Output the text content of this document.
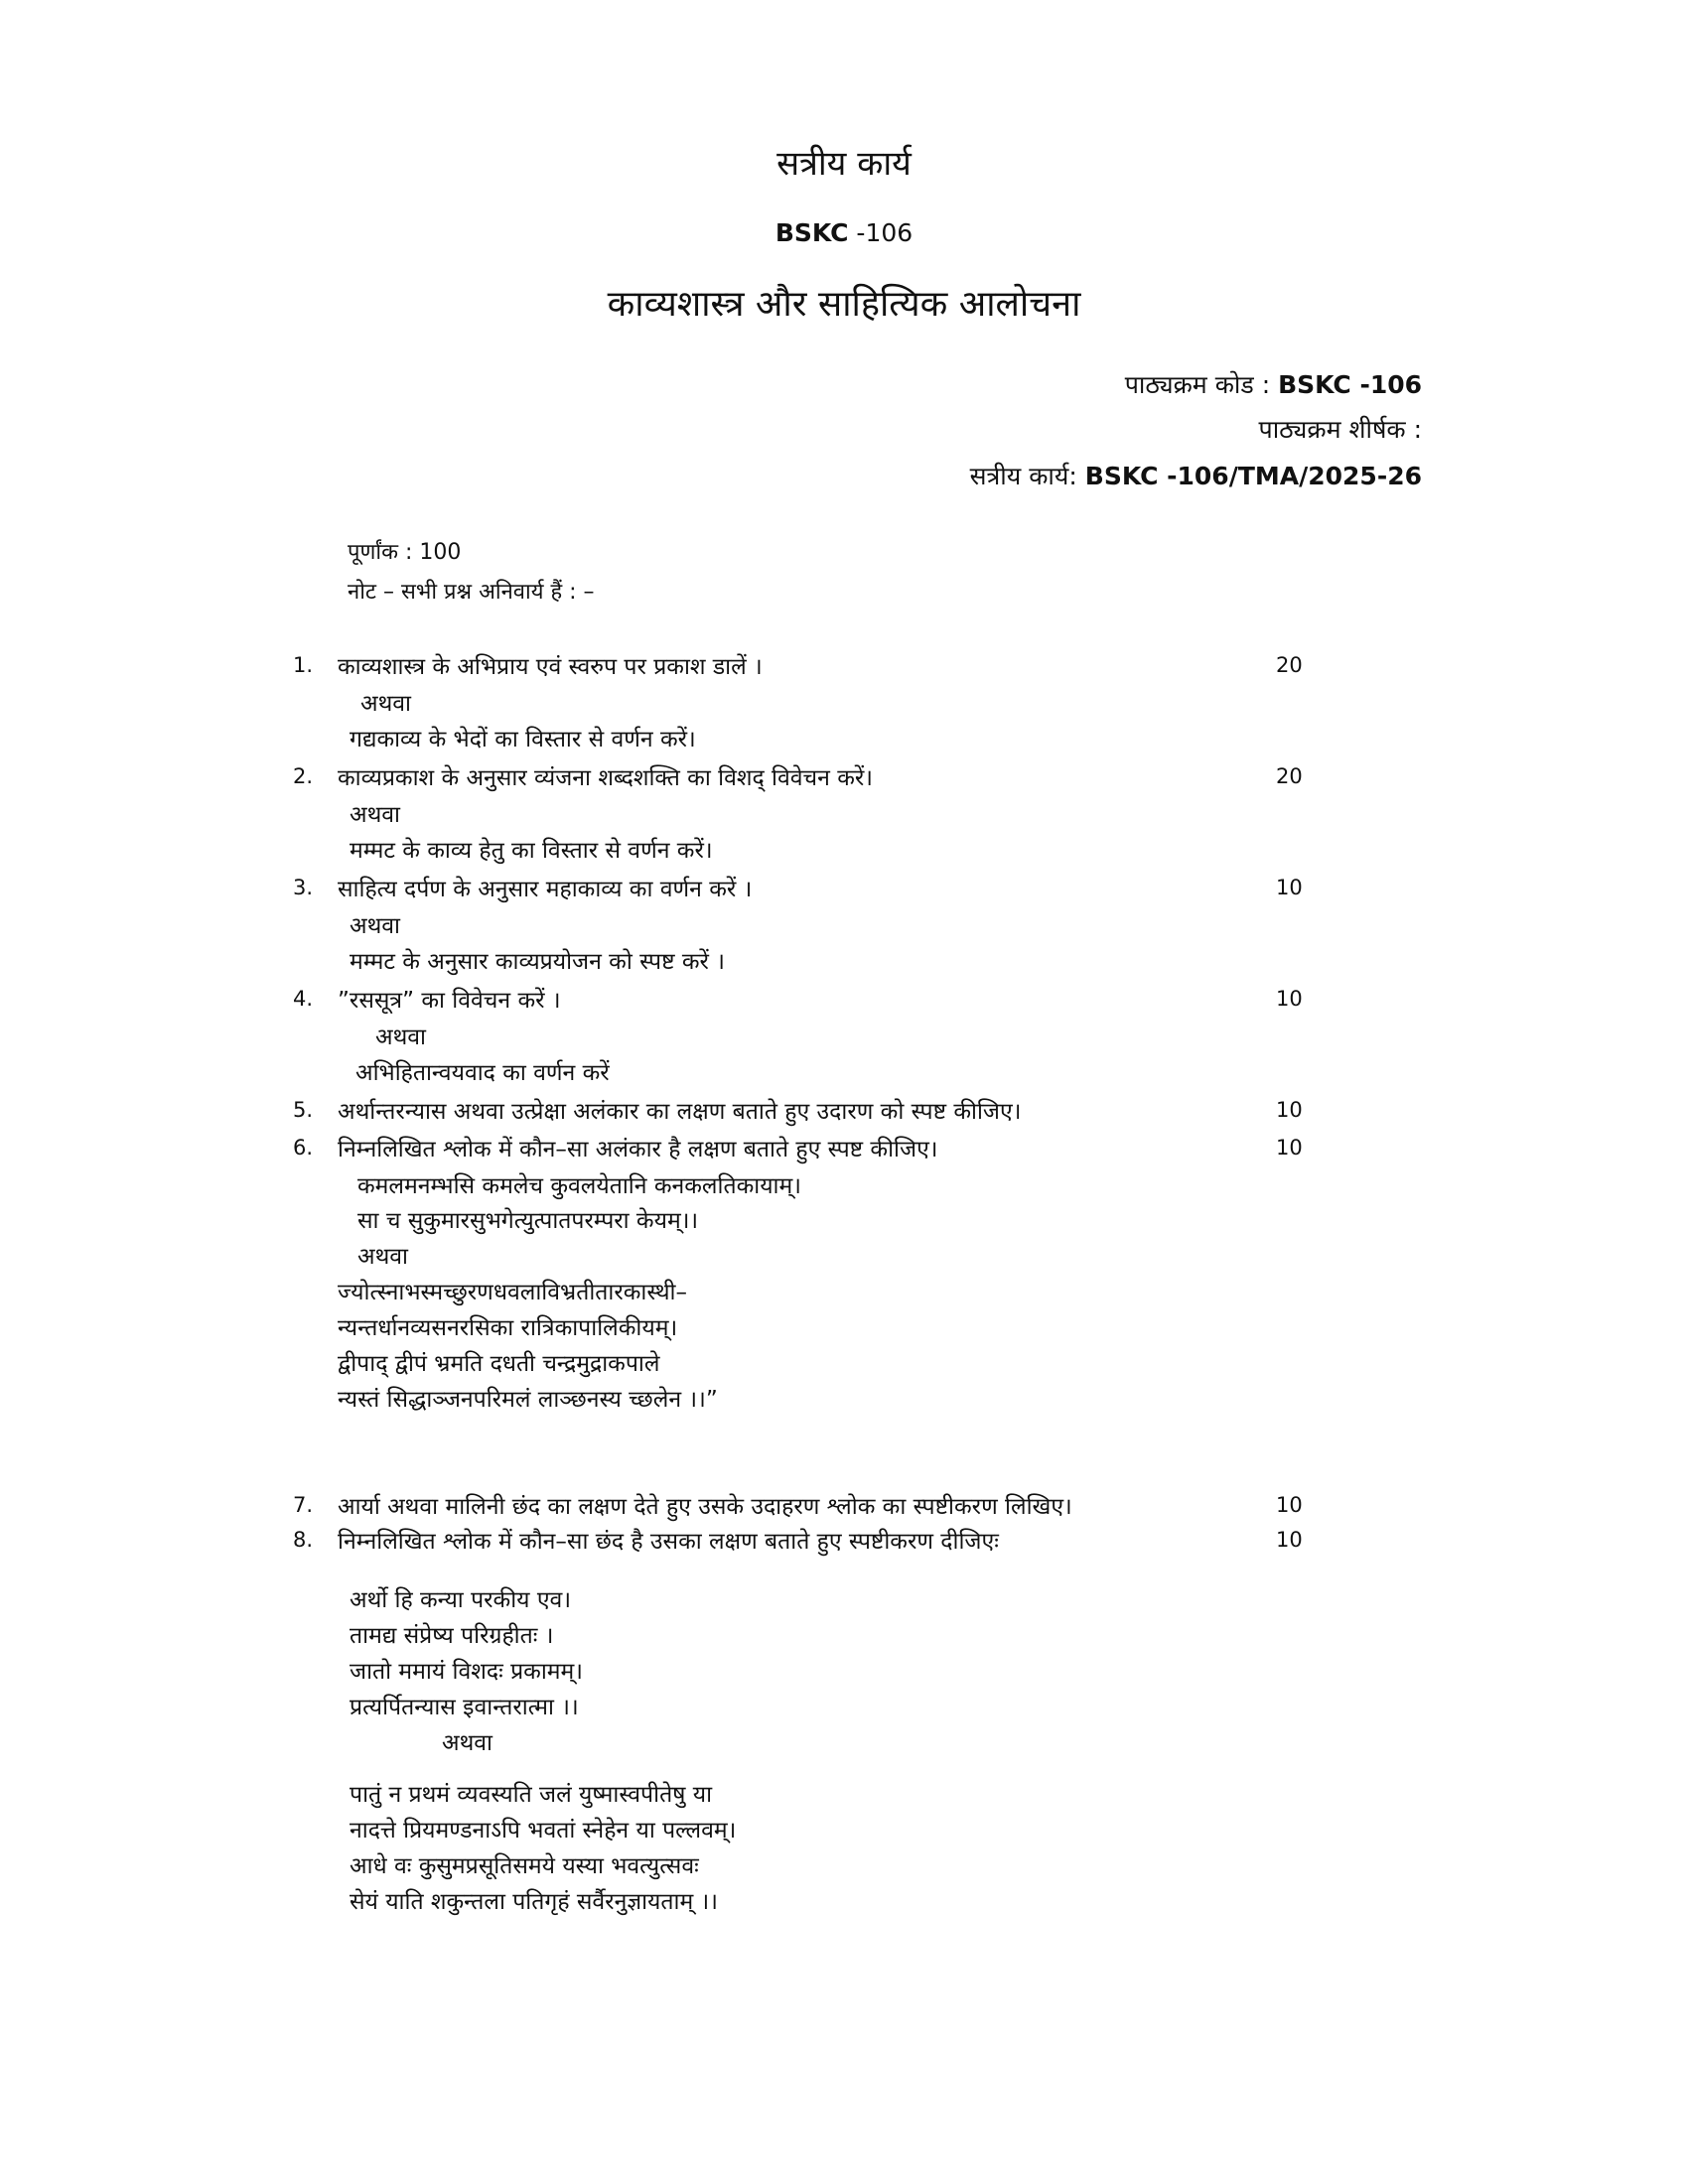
सत्रीय कार्य
BSKC -106
काव्यशास्त्र और साहित्यिक आलोचना
पाठ्यक्रम कोड : BSKC -106
पाठ्यक्रम शीर्षक :
सत्रीय कार्य: BSKC -106/TMA/2025-26
पूर्णांक : 100
नोट – सभी प्रश्न अनिवार्य हैं : –
1. काव्यशास्त्र के अभिप्राय एवं स्वरुप पर प्रकाश डालें ।	20
अथवा
गद्यकाव्य के भेदों का विस्तार से वर्णन करें।
2. काव्यप्रकाश के अनुसार व्यंजना शब्दशक्ति का विशद् विवेचन करें।	20
अथवा
मम्मट के काव्य हेतु का विस्तार से वर्णन करें।
3. साहित्य दर्पण के अनुसार महाकाव्य का वर्णन करें ।	10
अथवा
मम्मट के अनुसार काव्यप्रयोजन को स्पष्ट करें ।
4. ”रससूत्र” का विवेचन करें ।	10
अथवा
अभिहितान्वयवाद का वर्णन करें
5. अर्थान्तरन्यास अथवा उत्प्रेक्षा अलंकार का लक्षण बताते हुए उदारण को स्पष्ट कीजिए।	10
6. निम्नलिखित श्लोक में कौन–सा अलंकार है लक्षण बताते हुए स्पष्ट कीजिए।	10
कमलमनम्भसि कमलेच कुवलयेतानि कनकलतिकायाम्।
सा च सुकुमारसुभगेत्युत्पातपरम्परा केयम्।।
अथवा
ज्योत्स्नाभस्मच्छुरणधवलाविभ्रतीतारकास्थी–
न्यन्तर्धानव्यसनरसिका रात्रिकापालिकीयम्।
द्वीपाद् द्वीपं भ्रमति दधती चन्द्रमुद्राकपाले
न्यस्तं सिद्धाञ्जनपरिमलं लाञ्छनस्य च्छलेन ।।”
7. आर्या अथवा मालिनी छंद का लक्षण देते हुए उसके उदाहरण श्लोक का स्पष्टीकरण लिखिए।	10
8. निम्नलिखित श्लोक में कौन–सा छंद है उसका लक्षण बताते हुए स्पष्टीकरण दीजिएः	10
अर्थो हि कन्या परकीय एव।
तामद्य संप्रेष्य परिग्रहीतः ।
जातो ममायं विशदः प्रकामम्।
प्रत्यर्पितन्यास इवान्तरात्मा ।।
अथवा
पातुं न प्रथमं व्यवस्यति जलं युष्मास्वपीतेषु या
नादत्ते प्रियमण्डनाऽपि भवतां स्नेहेन या पल्लवम्।
आधे वः कुसुमप्रसूतिसमये यस्या भवत्युत्सवः
सेयं याति शकुन्तला पतिगृहं सर्वैरनुज्ञायताम् ।।
